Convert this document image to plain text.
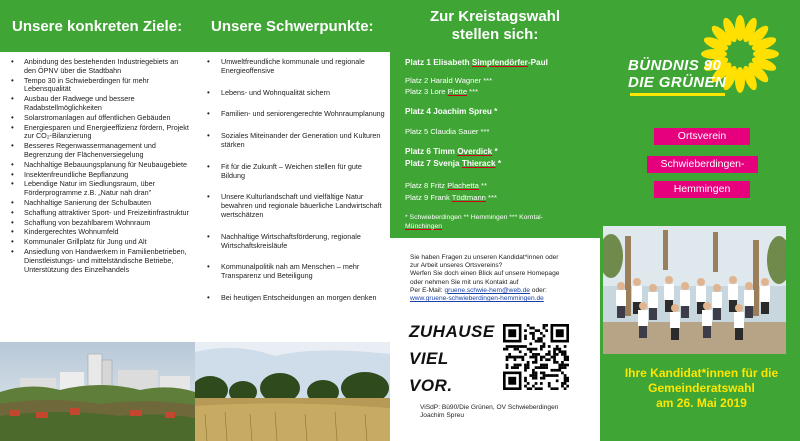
Unsere konkreten Ziele:
• Anbindung des bestehenden Industriegebiets an den ÖPNV über die Stadtbahn
• Tempo 30 in Schwieberdingen für mehr Lebensqualität
• Ausbau der Radwege und bessere Radabstellmöglichkeiten
• Solarstromanlagen auf öffentlichen Gebäuden
• Energiesparen und Energieeffizienz fördern, Projekt zur CO₂-Bilanzierung
• Besseres Regenwassermanagement und Begrenzung der Flächenversiegelung
• Nachhaltige Bebauungsplanung für Neubaugebiete
• Insektenfreundliche Bepflanzung
• Lebendige Natur im Siedlungsraum, über Förderprogramme z.B. „Natur nah dran"
• Nachhaltige Sanierung der Schulbauten
• Schaffung attraktiver Sport- und Freizeitinfrastruktur
• Schaffung von bezahlbarem Wohnraum
• Kindergerechtes Wohnumfeld
• Kommunaler Grillplatz für Jung und Alt
• Ansiedlung von Handwerkern in Familienbetrieben, Dienstleistungs- und mittelständische Betriebe, Unterstützung des Einzelhandels
Unsere Schwerpunkte:
• Umweltfreundliche kommunale und regionale Energieoffensive
• Lebens- und Wohnqualität sichern
• Familien- und seniorengerechte Wohnraumplanung
• Soziales Miteinander der Generation und Kulturen stärken
• Fit für die Zukunft – Weichen stellen für gute Bildung
• Unsere Kulturlandschaft und vielfältige Natur bewahren und regionale bäuerliche Landwirtschaft wertschätzen
• Nachhaltige Wirtschaftsförderung, regionale Wirtschaftskreisläufe
• Kommunalpolitik nah am Menschen – mehr Transparenz und Beteiligung
• Bei heutigen Entscheidungen an morgen denken
Zur Kreistagswahl
stellen sich:
Platz 1 Elisabeth Simpfendörfer-Paul
Platz 2 Harald Wagner ***
Platz 3 Lore Piette ***
Platz 4 Joachim Spreu *
Platz 5 Claudia Sauer ***
Platz 6 Timm Overdick *
Platz 7 Svenja Thierack *
Platz 8 Fritz Plachetta **
Platz 9 Frank Tödtmann ***
* Schwieberdingen ** Hemmingen *** Korntal-
Münchingen
Sie haben Fragen zu unseren Kandidat*innen oder
zur Arbeit unseres Ortsvereins?
Werfen Sie doch einen Blick auf unsere Homepage
oder nehmen Sie mit uns Kontakt auf
Per E-Mail: gruene.schwie-hem@web.de oder:
www.gruene-schwieberdingen-hemmingen.de
ZUHAUSE
VIEL
VOR.
ViSdP: Bü90/Die Grünen, OV Schwieberdingen
Joachim Spreu
BÜNDNIS 90
DIE GRÜNEN
Ortsverein
Schwieberdingen-
Hemmingen
Ihre Kandidat*innen für die
Gemeinderatswahl
am 26. Mai 2019
